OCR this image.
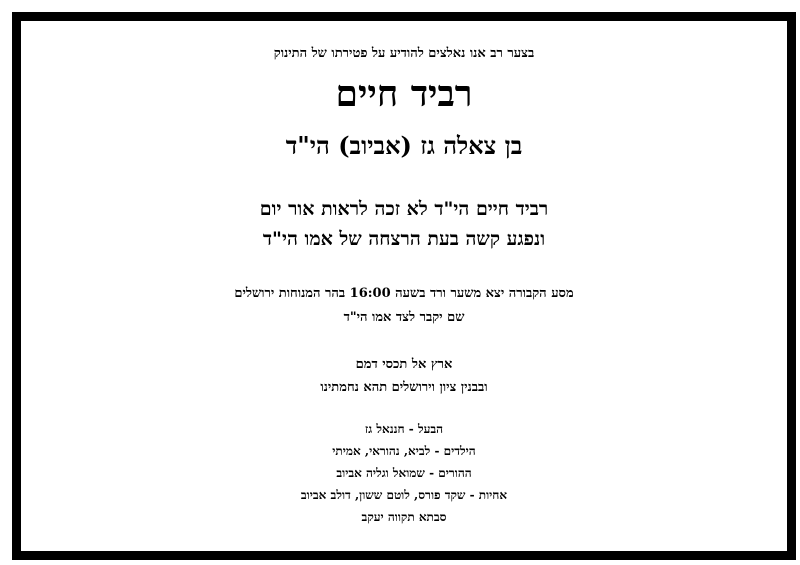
בצער רב אנו נאלצים להודיע על פטירתו של התינוק
רביד חיים
בן צאלה גז (אביוב) הי"ד
רביד חיים הי"ד לא זכה לראות אור יום
ונפגע קשה בעת הרצחה של אמו הי"ד
מסע הקבורה יצא משער ורד בשעה 16:00 בהר המנוחות ירושלים
שם יקבר לצד אמו הי"ד
ארץ אל תכסי דמם
ובבנין ציון וירושלים תהא נחמתינו
הבעל - חננאל גז
הילדים - לביא, נהוראי, אמיתי
ההורים - שמואל וגליה אביוב
אחיות - שקד פורס, לוטם ששון, דולב אביוב
סבתא תקווה יעקב
